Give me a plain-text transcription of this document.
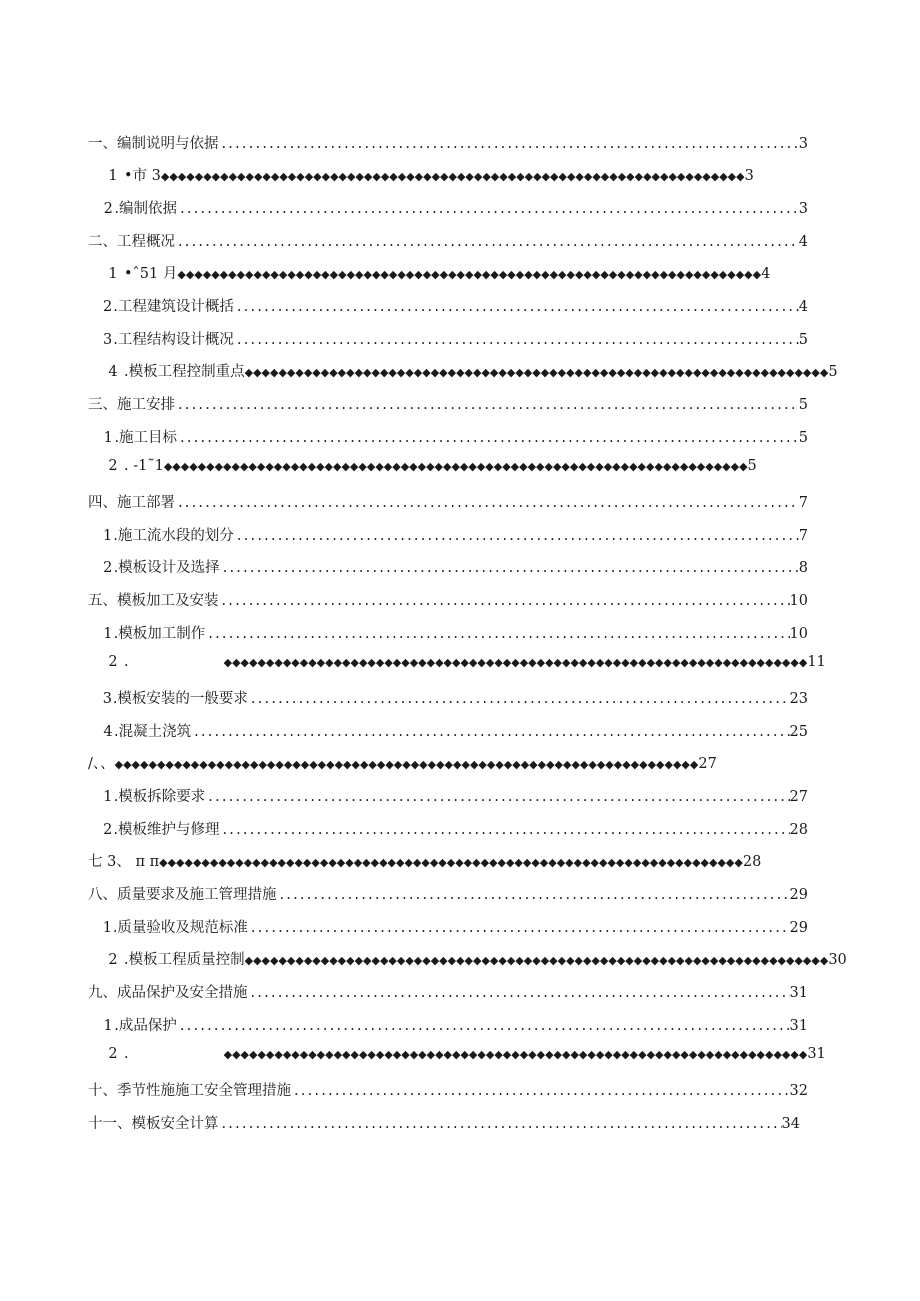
一、编制说明与依据 .....	3
1 •市 3 ◆◆◆◆◆◆◆◆◆◆◆◆◆◆◆◆◆◆◆◆◆◆◆◆◆◆◆◆◆◆◆◆◆◆◆◆◆◆◆◆◆◆◆◆◆◆◆◆◆◆◆◆◆◆◆◆◆◆◆◆◆◆◆◆◆◆◆◆◆	3
2 .编制依据 .....	3
二、工程概况 .....	4
1 •ˆ51 月 ◆◆◆◆◆◆◆◆◆◆◆◆◆◆◆◆◆◆◆◆◆◆◆◆◆◆◆◆◆◆◆◆◆◆◆◆◆◆◆◆◆◆◆◆◆◆◆◆◆◆◆◆◆◆◆◆◆◆◆◆◆◆◆◆◆◆◆◆◆	4
2 .工程建筑设计概括 .....	4
3 .工程结构设计概况 .....	5
4 .模板工程控制重点 ◆◆◆◆◆◆◆◆◆◆◆◆◆◆◆◆◆◆◆◆◆◆◆◆◆◆◆◆◆◆◆◆◆◆◆◆◆◆◆◆◆◆◆◆◆◆◆◆◆◆◆◆◆◆◆◆◆◆◆◆◆◆◆◆◆◆◆◆◆	5
三、施工安排 .....	5
1 .施工目标 .....	5
2 . -1˜1 ◆◆◆◆◆◆◆◆◆◆◆◆◆◆◆◆◆◆◆◆◆◆◆◆◆◆◆◆◆◆◆◆◆◆◆◆◆◆◆◆◆◆◆◆◆◆◆◆◆◆◆◆◆◆◆◆◆◆◆◆◆◆◆◆◆◆◆◆◆	5
四、施工部署 .....	7
1 .施工流水段的划分 .....	7
2 .模板设计及选择 .....	8
五、模板加工及安装 .....	10
1 .模板加工制作 .....	10
2 . ◆◆◆◆◆◆◆◆◆◆◆◆◆◆◆◆◆◆◆◆◆◆◆◆◆◆◆◆◆◆◆◆◆◆◆◆◆◆◆◆◆◆◆◆◆◆◆◆◆◆◆◆◆◆◆◆◆◆◆◆◆◆◆◆◆◆◆◆◆	11
3 .模板安装的一般要求 .....	23
4 .混凝土浇筑 .....	25
/、、 ◆◆◆◆◆◆◆◆◆◆◆◆◆◆◆◆◆◆◆◆◆◆◆◆◆◆◆◆◆◆◆◆◆◆◆◆◆◆◆◆◆◆◆◆◆◆◆◆◆◆◆◆◆◆◆◆◆◆◆◆◆◆◆◆◆◆◆◆◆	27
1 .模板拆除要求 .....	27
2 .模板维护与修理 .....	28
七 3、 π π ◆◆◆◆◆◆◆◆◆◆◆◆◆◆◆◆◆◆◆◆◆◆◆◆◆◆◆◆◆◆◆◆◆◆◆◆◆◆◆◆◆◆◆◆◆◆◆◆◆◆◆◆◆◆◆◆◆◆◆◆◆◆◆◆◆◆◆◆◆	28
八、质量要求及施工管理措施 .....	29
1 .质量验收及规范标准 .....	29
2 .模板工程质量控制 ◆◆◆◆◆◆◆◆◆◆◆◆◆◆◆◆◆◆◆◆◆◆◆◆◆◆◆◆◆◆◆◆◆◆◆◆◆◆◆◆◆◆◆◆◆◆◆◆◆◆◆◆◆◆◆◆◆◆◆◆◆◆◆◆◆◆◆◆◆	30
九、成品保护及安全措施 .....	31
1 .成品保护 .....	31
2 . ◆◆◆◆◆◆◆◆◆◆◆◆◆◆◆◆◆◆◆◆◆◆◆◆◆◆◆◆◆◆◆◆◆◆◆◆◆◆◆◆◆◆◆◆◆◆◆◆◆◆◆◆◆◆◆◆◆◆◆◆◆◆◆◆◆◆◆◆◆	31
十、季节性施施工安全管理措施 .....	32
十一、模板安全计算 .....	34
